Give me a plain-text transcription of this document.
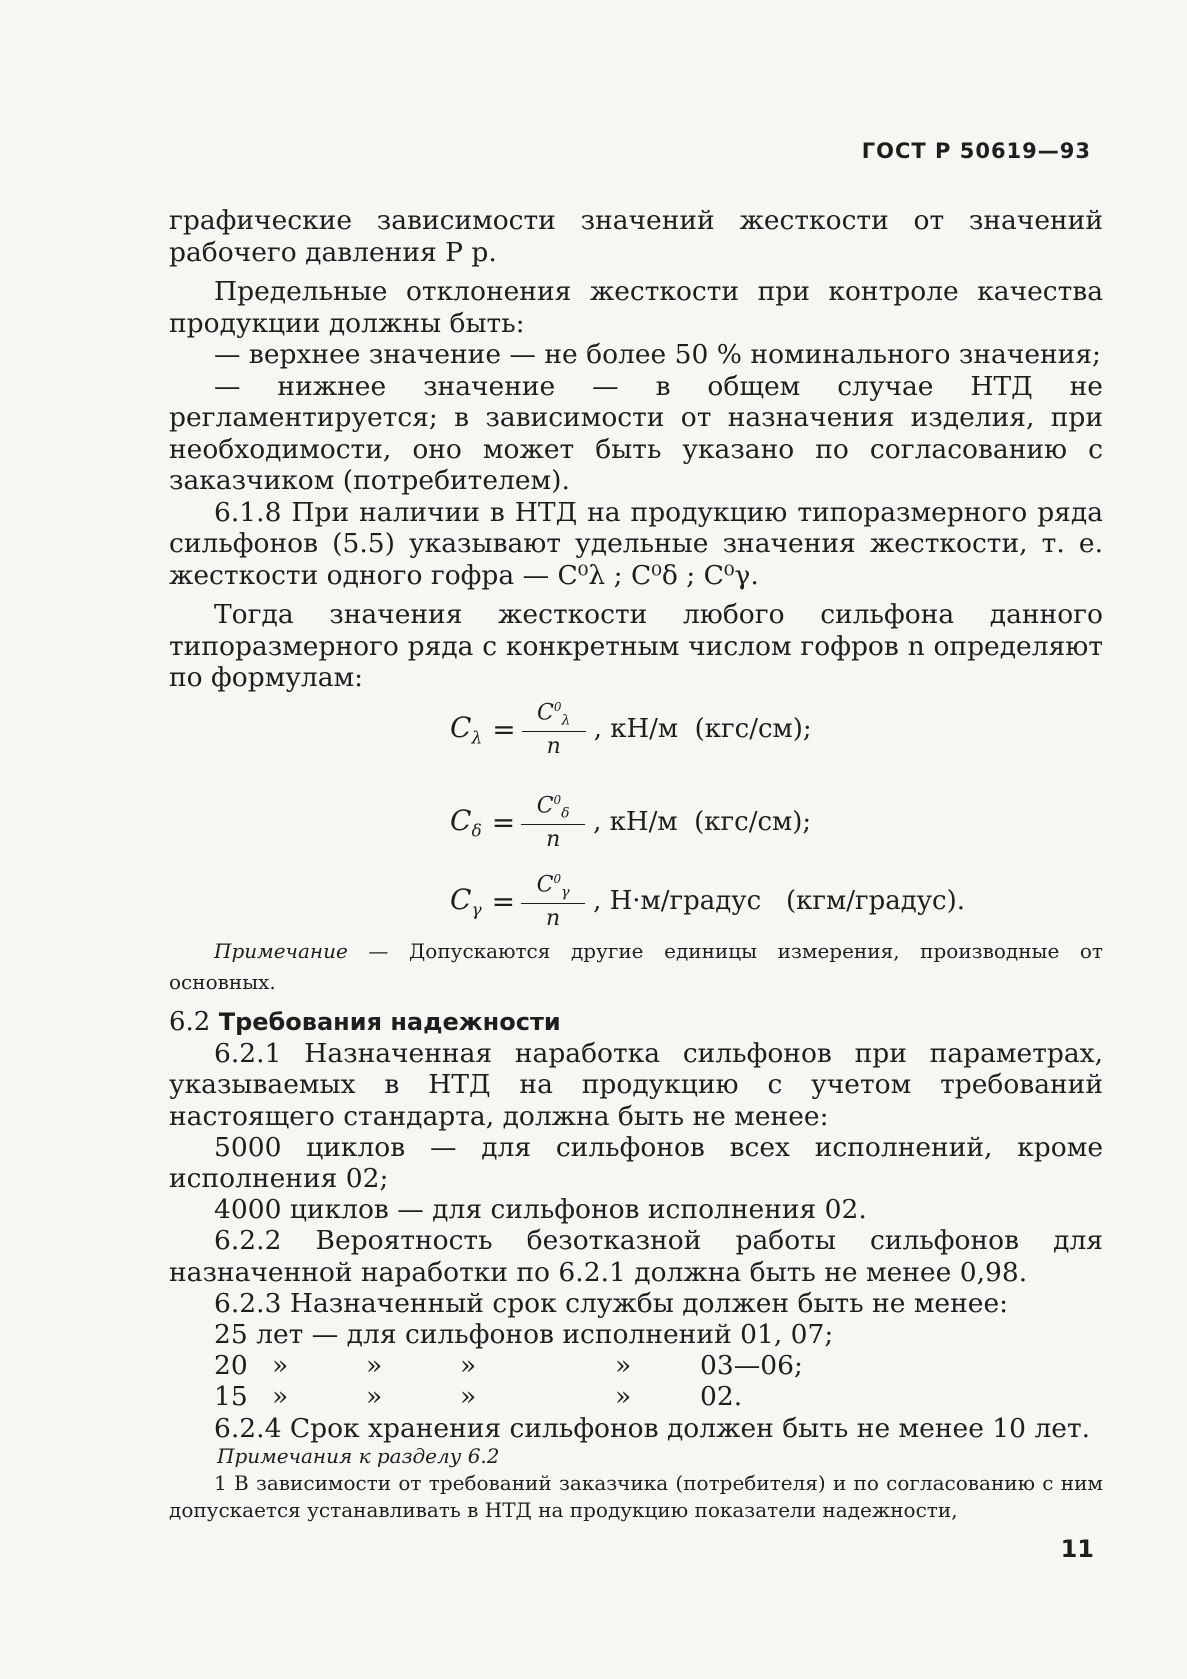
ГОСТ Р 50619—93

графические зависимости значений жесткости от значений рабочего давления Р р.

Предельные отклонения жесткости при контроле качества продукции должны быть:

— верхнее значение — не более 50 % номинального значения;

— нижнее значение — в общем случае НТД не регламентируется; в зависимости от назначения изделия, при необходимости, оно может быть указано по согласованию с заказчиком (потребителем).

6.1.8 При наличии в НТД на продукцию типоразмерного ряда сильфонов (5.5) указывают удельные значения жесткости, т. е. жесткости одного гофра — C⁰λ ; C⁰δ ; C⁰γ.

Тогда значения жесткости любого сильфона данного типоразмерного ряда с конкретным числом гофров n определяют по формулам:

$C_\lambda = \frac{C^0_\lambda}{n}$ , кН/м  (кгс/см);
$C_\delta = \frac{C^0_\delta}{n}$ , кН/м  (кгс/см);
$C_\gamma = \frac{C^0_\gamma}{n}$ , Н·м/градус   (кгм/градус).

Примечание — Допускаются другие единицы измерения, производные от основных.

6.2 Требования надежности

6.2.1 Назначенная наработка сильфонов при параметрах, указываемых в НТД на продукцию с учетом требований настоящего стандарта, должна быть не менее:

5000 циклов — для сильфонов всех исполнений, кроме исполнения 02;

4000 циклов — для сильфонов исполнения 02.

6.2.2 Вероятность безотказной работы сильфонов для назначенной наработки по 6.2.1 должна быть не менее 0,98.

6.2.3 Назначенный срок службы должен быть не менее:

25 лет — для сильфонов исполнений 01, 07;

20	»	»	»	»	03—06;
15	»	»	»	»	02.

6.2.4 Срок хранения сильфонов должен быть не менее 10 лет.

Примечания к разделу 6.2

1 В зависимости от требований заказчика (потребителя) и по согласованию с ним допускается устанавливать в НТД на продукцию показатели надежности,

11
